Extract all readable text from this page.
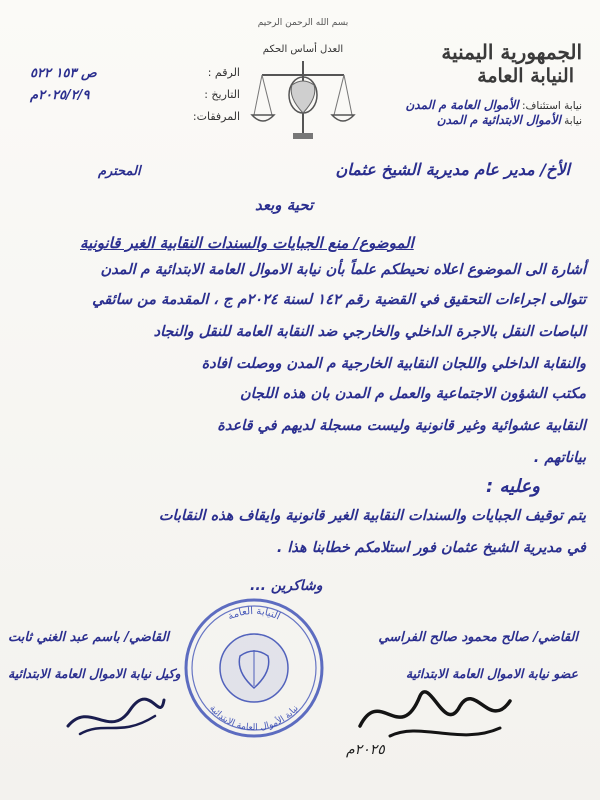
الجمهورية اليمنية
النيابة العامة
نيابة استئناف: الأموال العامة م المدن
نيابة الأموال الابتدائية م المدن
بسم الله الرحمن الرحيم
العدل أساس الحكم
الرقم :
ص ١٥٣ ٥٢٢
التاريخ :
٢٠٢٥/٢/٩م
المرفقات:
المحترم	الأخ/ مدير عام مديرية الشيخ عثمان
تحية وبعد
الموضوع/ منع الجبايات والسندات النقابية الغير قانونية
أشارة الى الموضوع اعلاه نحيطكم علماً بأن نيابة الاموال العامة الابتدائية م المدن
تتوالى اجراءات التحقيق في القضية رقم ١٤٢ لسنة ٢٠٢٤م ج ، المقدمة من سائقي
الباصات النقل بالاجرة الداخلي والخارجي ضد النقابة العامة للنقل والنجاد
والنقابة الداخلي واللجان النقابية الخارجية م المدن ووصلت افادة
مكتب الشؤون الاجتماعية والعمل م المدن بان هذه اللجان
النقابية عشوائية وغير قانونية وليست مسجلة لديهم في قاعدة
بياناتهم .
وعليه :
يتم توقيف الجبايات والسندات النقابية الغير قانونية وايقاف هذه النقابات
في مديرية الشيخ عثمان فور استلامكم خطابنا هذا .
وشاكرين ...
القاضي/ صالح محمود صالح الفراسي
عضو نيابة الاموال العامة الابتدائية
القاضي/ باسم عبد الغني ثابت
وكيل نيابة الاموال العامة الابتدائية
النيابة العامة
نيابة الأموال العامة الابتدائية
٢٠٢٥م
